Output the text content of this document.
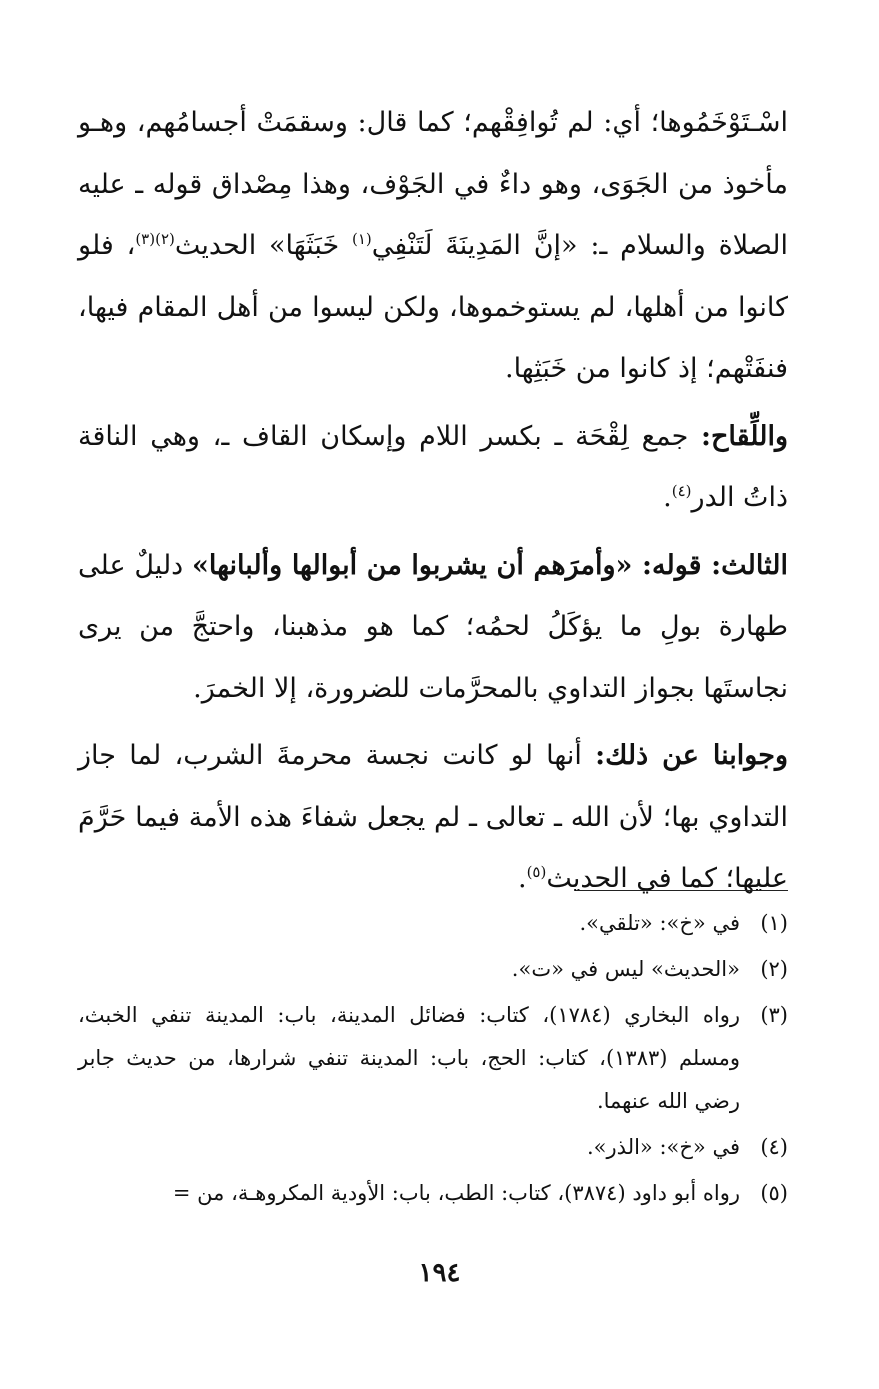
اسْـتَوْخَمُوها؛ أي: لم تُوافِقْهم؛ كما قال: وسقمَتْ أجسامُهم، وهـو مأخوذ من الجَوَى، وهو داءٌ في الجَوْف، وهذا مِصْداق قوله ـ عليه الصلاة والسلام ـ: «إنَّ المَدِينَةَ لَتَنْفِي$^{(١)}$ خَبَثَهَا» الحديث$^{(٢)(٣)}$، فلو كانوا من أهلها، لم يستوخموها، ولكن ليسوا من أهل المقام فيها، فنفَتْهم؛ إذ كانوا من خَبَثِها.

واللِّقاح: جمع لِقْحَة ـ بكسر اللام وإسكان القاف ـ، وهي الناقة ذاتُ الدر$^{(٤)}$.

الثالث: قوله: «وأمرَهم أن يشربوا من أبوالها وألبانها» دليلٌ على طهارة بولِ ما يؤكَلُ لحمُه؛ كما هو مذهبنا، واحتجَّ من يرى نجاستَها بجواز التداوي بالمحرَّمات للضرورة، إلا الخمرَ.

وجوابنا عن ذلك: أنها لو كانت نجسة محرمةَ الشرب، لما جاز التداوي بها؛ لأن الله ـ تعالى ـ لم يجعل شفاءَ هذه الأمة فيما حَرَّمَ عليها؛ كما في الحديث$^{(٥)}$.

(١)
في «خ»: «تلقي».
(٢)
«الحديث» ليس في «ت».
(٣)
رواه البخاري (١٧٨٤)، كتاب: فضائل المدينة، باب: المدينة تنفي الخبث، ومسلم (١٣٨٣)، كتاب: الحج، باب: المدينة تنفي شرارها، من حديث جابر رضي الله عنهما.
(٤)
في «خ»: «الذر».
(٥)
رواه أبو داود (٣٨٧٤)، كتاب: الطب، باب: الأودية المكروهـة، من =
١٩٤
